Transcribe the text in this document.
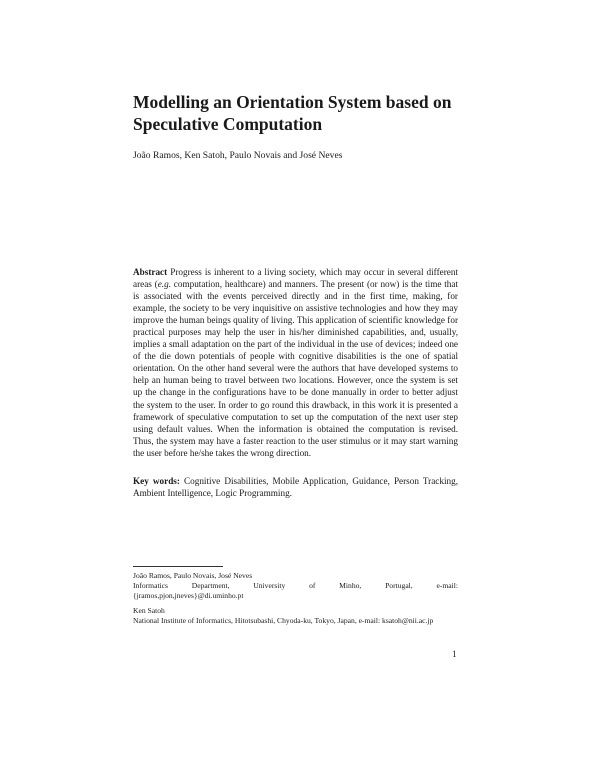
Modelling an Orientation System based on Speculative Computation

João Ramos, Ken Satoh, Paulo Novais and José Neves

Abstract Progress is inherent to a living society, which may occur in several different areas (e.g. computation, healthcare) and manners. The present (or now) is the time that is associated with the events perceived directly and in the first time, making, for example, the society to be very inquisitive on assistive technologies and how they may improve the human beings quality of living. This application of scientific knowledge for practical purposes may help the user in his/her diminished capabilities, and, usually, implies a small adaptation on the part of the individual in the use of devices; indeed one of the die down potentials of people with cognitive disabilities is the one of spatial orientation. On the other hand several were the authors that have developed systems to help an human being to travel between two locations. However, once the system is set up the change in the configurations have to be done manually in order to better adjust the system to the user. In order to go round this drawback, in this work it is presented a framework of speculative computation to set up the computation of the next user step using default values. When the information is obtained the computation is revised. Thus, the system may have a faster reaction to the user stimulus or it may start warning the user before he/she takes the wrong direction.

Key words: Cognitive Disabilities, Mobile Application, Guidance, Person Tracking, Ambient Intelligence, Logic Programming.

João Ramos, Paulo Novais, José Neves
Informatics	Department,	University	of	Minho,	Portugal,	e-mail:
{jramos,pjon,jneves}@di.uminho.pt
Ken Satoh
National Institute of Informatics, Hitotsubashi, Chyoda-ku, Tokyo, Japan, e-mail: ksatoh@nii.ac.jp

1
